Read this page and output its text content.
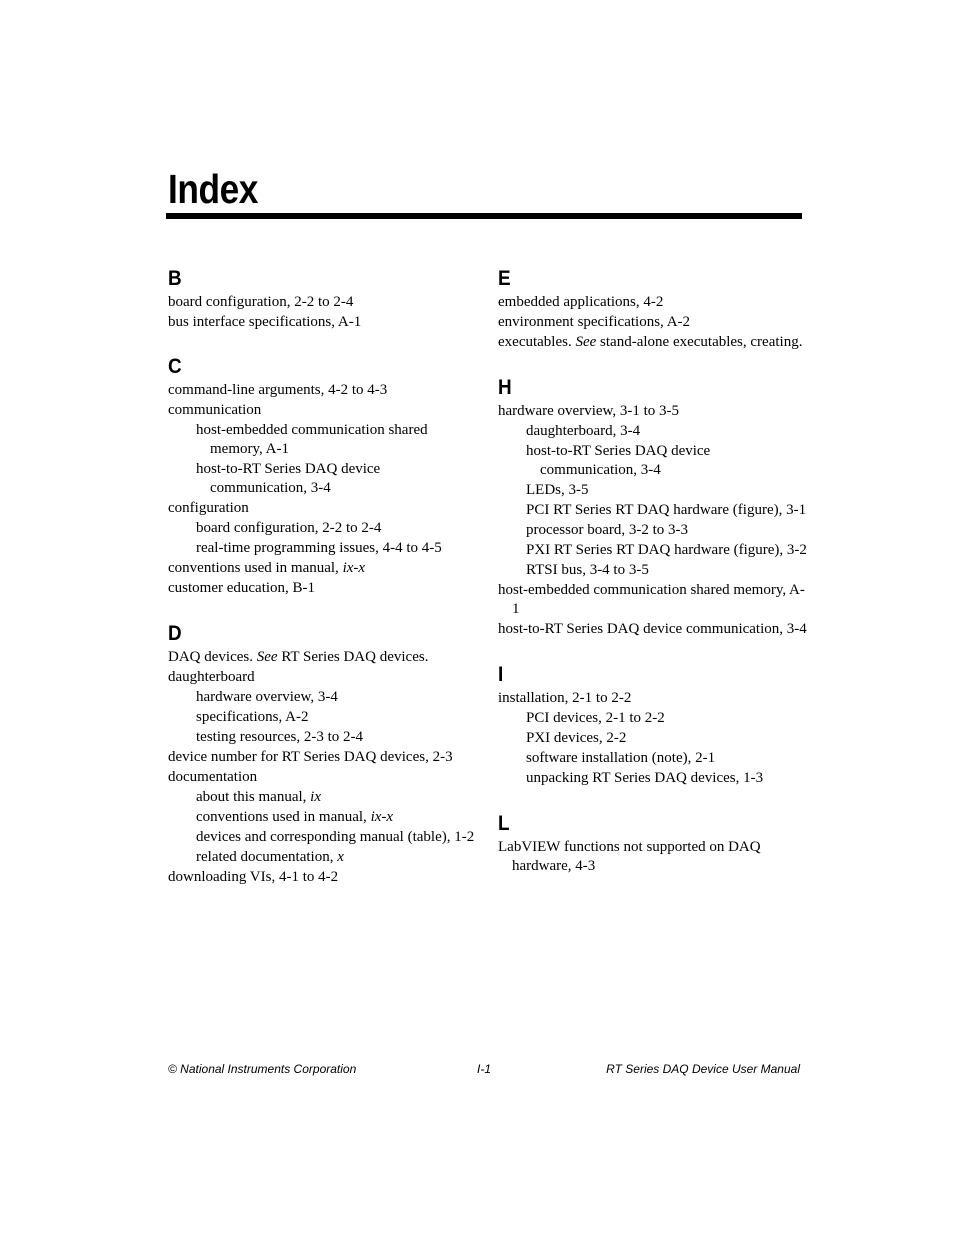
Index
B
board configuration, 2-2 to 2-4
bus interface specifications, A-1
C
command-line arguments, 4-2 to 4-3
communication
host-embedded communication shared memory, A-1
host-to-RT Series DAQ device communication, 3-4
configuration
board configuration, 2-2 to 2-4
real-time programming issues, 4-4 to 4-5
conventions used in manual, ix-x
customer education, B-1
D
DAQ devices. See RT Series DAQ devices.
daughterboard
hardware overview, 3-4
specifications, A-2
testing resources, 2-3 to 2-4
device number for RT Series DAQ devices, 2-3
documentation
about this manual, ix
conventions used in manual, ix-x
devices and corresponding manual (table), 1-2
related documentation, x
downloading VIs, 4-1 to 4-2
E
embedded applications, 4-2
environment specifications, A-2
executables. See stand-alone executables, creating.
H
hardware overview, 3-1 to 3-5
daughterboard, 3-4
host-to-RT Series DAQ device communication, 3-4
LEDs, 3-5
PCI RT Series RT DAQ hardware (figure), 3-1
processor board, 3-2 to 3-3
PXI RT Series RT DAQ hardware (figure), 3-2
RTSI bus, 3-4 to 3-5
host-embedded communication shared memory, A-1
host-to-RT Series DAQ device communication, 3-4
I
installation, 2-1 to 2-2
PCI devices, 2-1 to 2-2
PXI devices, 2-2
software installation (note), 2-1
unpacking RT Series DAQ devices, 1-3
L
LabVIEW functions not supported on DAQ hardware, 4-3
© National Instruments Corporation	I-1	RT Series DAQ Device User Manual
